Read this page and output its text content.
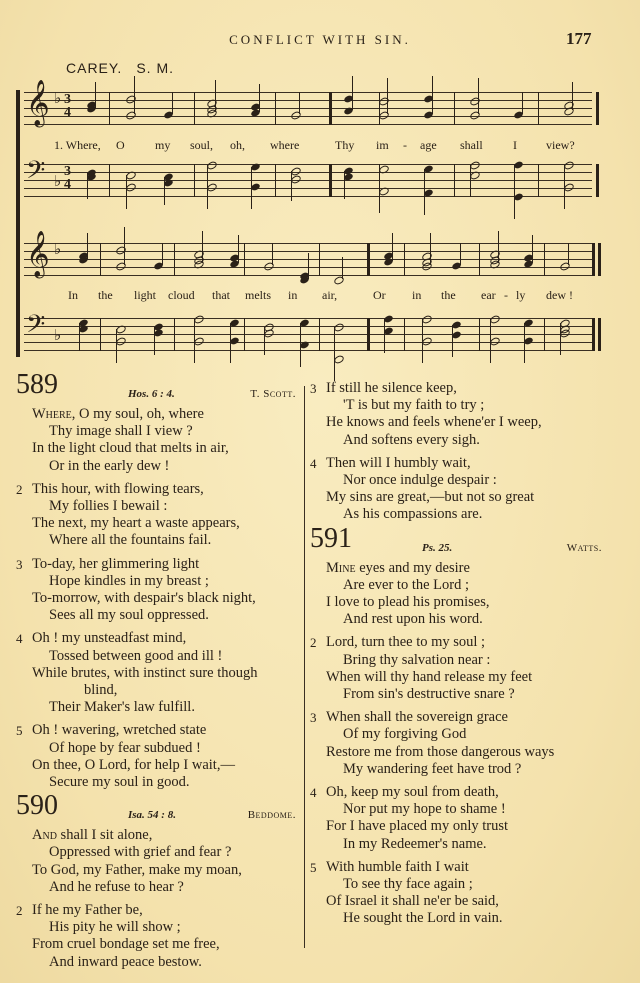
CONFLICT WITH SIN.	177
CAREY. S. M.
𝄞 ♭ 3
4
1. Where, O	my soul, oh, where	Thy im - age shall	I view?
𝄢 ♭
3
4
𝄞 ♭
In the light cloud that melts in air,	Or in the ear - ly dew !
𝄢 ♭
589	Hos. 6 : 4.	T. Scott.
Where, O my soul, oh, where
Thy image shall I view ?
In the light cloud that melts in air,
Or in the early dew !
2 This hour, with flowing tears,
My follies I bewail :
The next, my heart a waste appears,
Where all the fountains fail.
3 To-day, her glimmering light
Hope kindles in my breast ;
To-morrow, with despair's black night,
Sees all my soul oppressed.
4 Oh ! my unsteadfast mind,
Tossed between good and ill !
While brutes, with instinct sure though
blind,
Their Maker's law fulfill.
5 Oh ! wavering, wretched state
Of hope by fear subdued !
On thee, O Lord, for help I wait,—
Secure my soul in good.
590	Isa. 54 : 8.	Beddome.
And shall I sit alone,
Oppressed with grief and fear ?
To God, my Father, make my moan,
And he refuse to hear ?
2 If he my Father be,
His pity he will show ;
From cruel bondage set me free,
And inward peace bestow.
3 If still he silence keep,
'T is but my faith to try ;
He knows and feels whene'er I weep,
And softens every sigh.
4 Then will I humbly wait,
Nor once indulge despair :
My sins are great,—but not so great
As his compassions are.
591	Ps. 25.	Watts.
Mine eyes and my desire
Are ever to the Lord ;
I love to plead his promises,
And rest upon his word.
2 Lord, turn thee to my soul ;
Bring thy salvation near :
When will thy hand release my feet
From sin's destructive snare ?
3 When shall the sovereign grace
Of my forgiving God
Restore me from those dangerous ways
My wandering feet have trod ?
4 Oh, keep my soul from death,
Nor put my hope to shame !
For I have placed my only trust
In my Redeemer's name.
5 With humble faith I wait
To see thy face again ;
Of Israel it shall ne'er be said,
He sought the Lord in vain.
